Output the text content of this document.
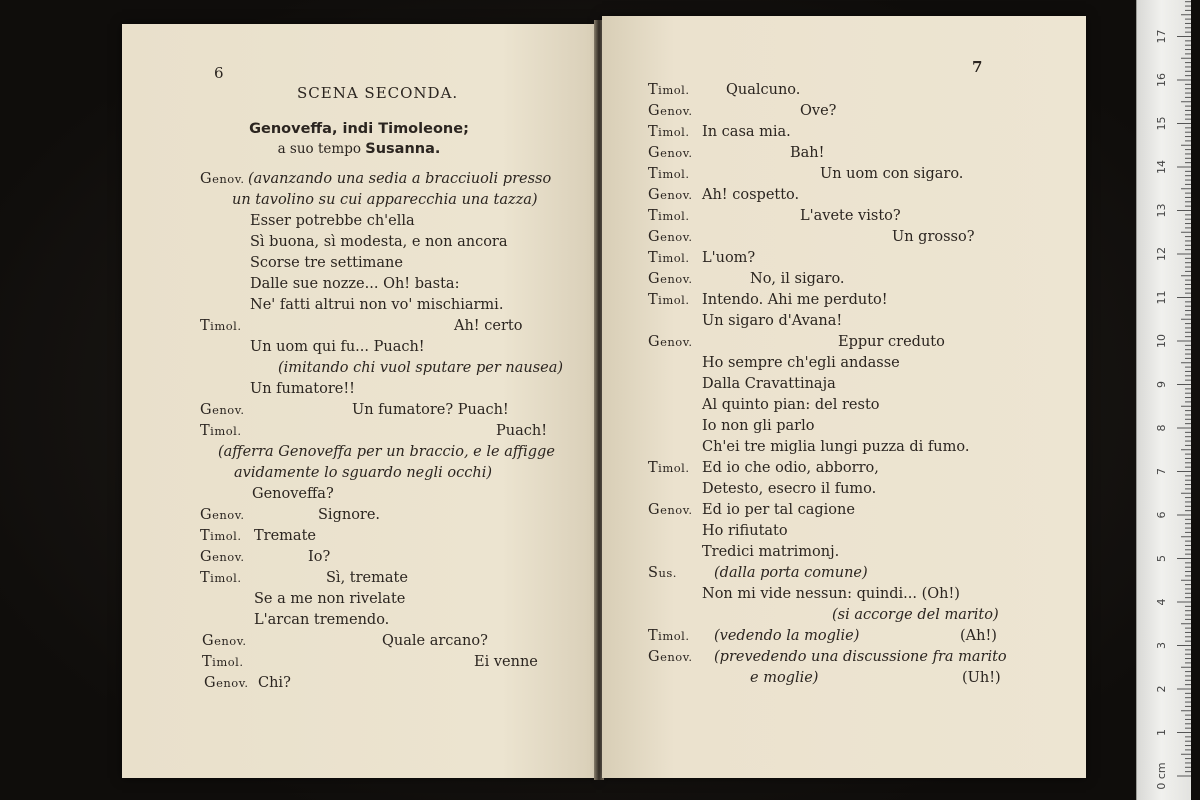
6
SCENA SECONDA.
Genoveffa, indi Timoleone;
a suo tempo Susanna.
Genov. (avanzando una sedia a bracciuoli presso
un tavolino su cui apparecchia una tazza)
Esser potrebbe ch'ella
Sì buona, sì modesta, e non ancora
Scorse tre settimane
Dalle sue nozze... Oh! basta:
Ne' fatti altrui non vo' mischiarmi.
Timol.	Ah! certo
Un uom qui fu... Puach!
(imitando chi vuol sputare per nausea)
Un fumatore!!
Genov.	Un fumatore? Puach!
Timol.	Puach!
(afferra Genoveffa per un braccio, e le affigge
avidamente lo sguardo negli occhi)
Genoveffa?
Genov.	Signore.
Timol. Tremate
Genov.	Io?
Timol.	Sì, tremate
Se a me non rivelate
L'arcan tremendo.
Genov.	Quale arcano?
Timol.	Ei venne
Genov. Chi?
7
Timol.	Qualcuno.
Genov.	Ove?
Timol. In casa mia.
Genov.	Bah!
Timol.	Un uom con sigaro.
Genov. Ah! cospetto.
Timol.	L'avete visto?
Genov.	Un grosso?
Timol. L'uom?
Genov.	No, il sigaro.
Timol. Intendo. Ahi me perduto!
Un sigaro d'Avana!
Genov.	Eppur creduto
Ho sempre ch'egli andasse
Dalla Cravattinaja
Al quinto pian: del resto
Io non gli parlo
Ch'ei tre miglia lungi puzza di fumo.
Timol. Ed io che odio, abborro,
Detesto, esecro il fumo.
Genov. Ed io per tal cagione
Ho rifiutato
Tredici matrimonj.
Sus.	(dalla porta comune)
Non mi vide nessun: quindi... (Oh!)
(si accorge del marito)
Timol. (vedendo la moglie)	(Ah!)
Genov. (prevedendo una discussione fra marito
e moglie)	(Uh!)
0 cm
1
2
3
4
5
6
7
8
9
10
11
12
13
14
15
16
17
